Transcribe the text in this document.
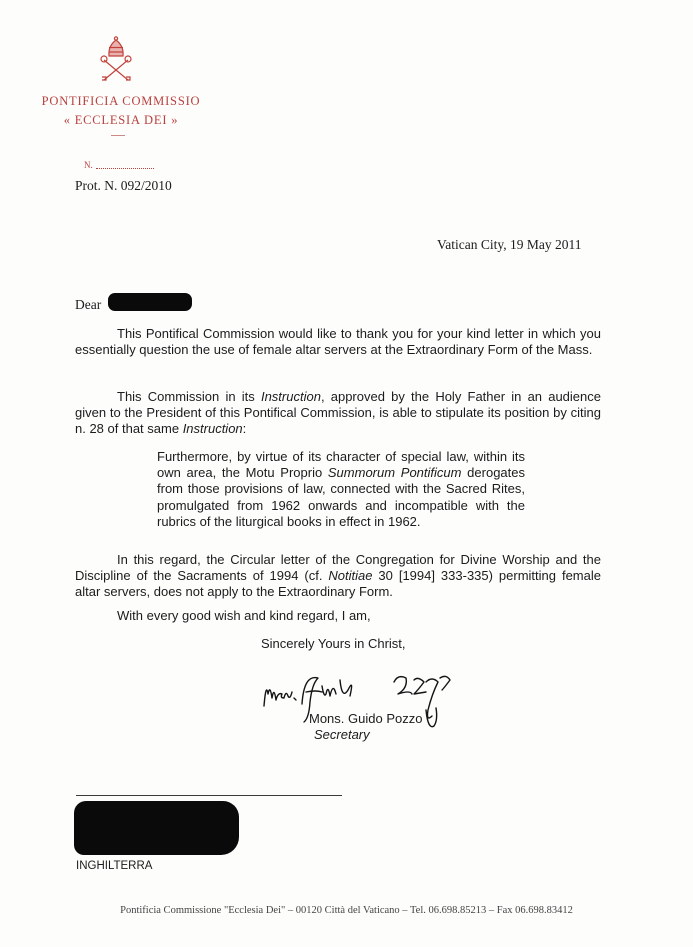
PONTIFICIA COMMISSIO
« ECCLESIA DEI »
N.
Prot. N. 092/2010
Vatican City, 19 May 2011
Dear
This Pontifical Commission would like to thank you for your kind letter in which you essentially question the use of female altar servers at the Extraordinary Form of the Mass.
This Commission in its Instruction, approved by the Holy Father in an audience given to the President of this Pontifical Commission, is able to stipulate its position by citing n. 28 of that same Instruction:
Furthermore, by virtue of its character of special law, within its own area, the Motu Proprio Summorum Pontificum derogates from those provisions of law, connected with the Sacred Rites, promulgated from 1962 onwards and incompatible with the rubrics of the liturgical books in effect in 1962.
In this regard, the Circular letter of the Congregation for Divine Worship and the Discipline of the Sacraments of 1994 (cf. Notitiae 30 [1994] 333-335) permitting female altar servers, does not apply to the Extraordinary Form.
With every good wish and kind regard, I am,
Sincerely Yours in Christ,
Mons. Guido Pozzo
Secretary
INGHILTERRA
Pontificia Commissione "Ecclesia Dei" – 00120 Città del Vaticano – Tel. 06.698.85213 – Fax 06.698.83412
